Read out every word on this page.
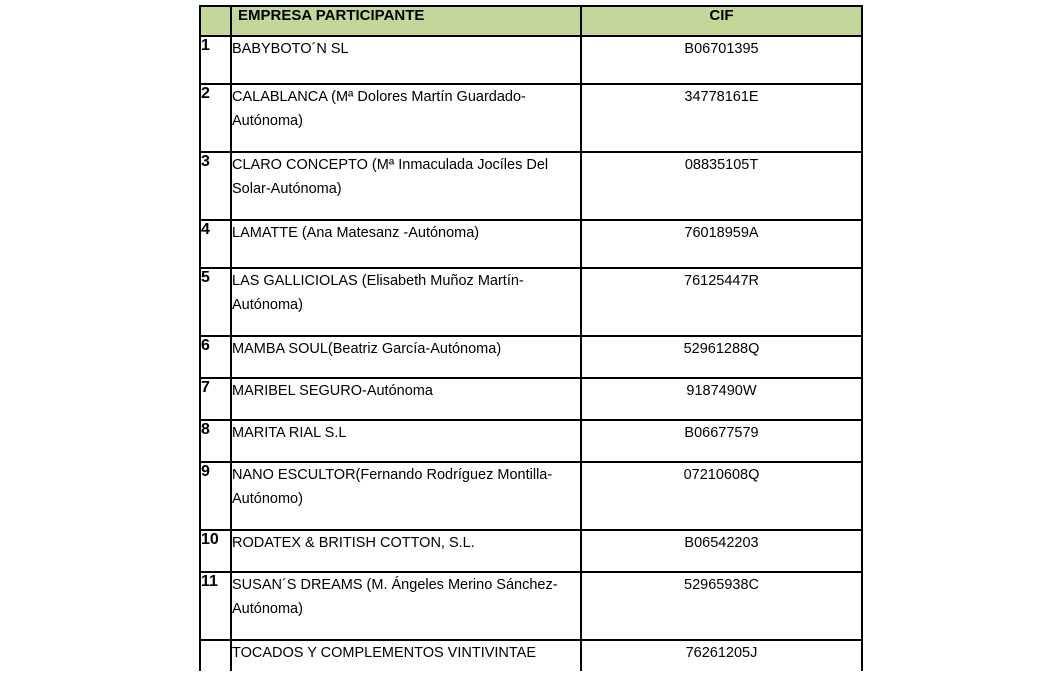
	EMPRESA PARTICIPANTE	CIF
1	BABYBOTO´N SL	B06701395
2	CALABLANCA (Mª Dolores Martín Guardado-Autónoma)	34778161E
3	CLARO CONCEPTO (Mª Inmaculada Jocíles Del Solar-Autónoma)	08835105T
4	LAMATTE (Ana Matesanz -Autónoma)	76018959A
5	LAS GALLICIOLAS (Elisabeth Muñoz Martín-Autónoma)	76125447R
6	MAMBA SOUL(Beatriz García-Autónoma)	52961288Q
7	MARIBEL SEGURO-Autónoma	9187490W
8	MARITA RIAL S.L	B06677579
9	NANO ESCULTOR(Fernando Rodríguez Montilla-Autónomo)	07210608Q
10	RODATEX & BRITISH COTTON, S.L.	B06542203
11	SUSAN´S DREAMS (M. Ángeles Merino Sánchez-Autónoma)	52965938C
	TOCADOS Y COMPLEMENTOS VINTIVINTAE	76261205J
